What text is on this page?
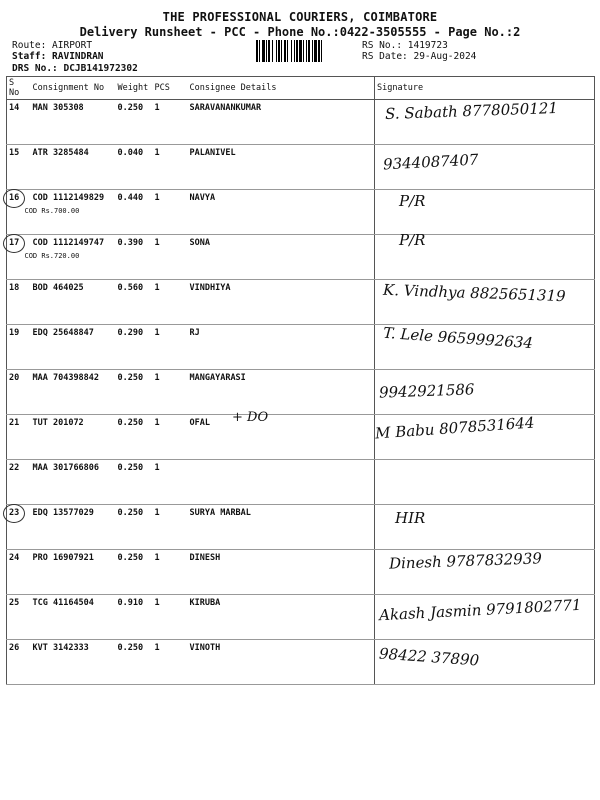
THE PROFESSIONAL COURIERS, COIMBATORE
Delivery Runsheet - PCC - Phone No.:0422-3505555 - Page No.:2
Route: AIRPORT
Staff: RAVINDRAN
DRS No.: DCJB141972302
RS No.: 1419723
RS Date: 29-Aug-2024
S No	Consignment No	Weight	PCS	Consignee Details	Signature
14	MAN 305308	0.250	1	SARAVANANKUMAR	S. Sabath 8778050121

15	ATR 3285484	0.040	1	PALANIVEL	9344087407

16	COD 1112149829
COD Rs.700.00	0.440	1	NAVYA	P/R

17	COD 1112149747
COD Rs.720.00	0.390	1	SONA	P/R

18	BOD 464025	0.560	1	VINDHIYA	K. Vindhya 8825651319

19	EDQ 25648847	0.290	1	RJ	T. Lele 9659992634

20	MAA 704398842	0.250	1	MANGAYARASI	9942921586

21	TUT 201072	0.250	1	OFAL	M Babu 8078531644

22	MAA 301766806	0.250	1		
23	EDQ 13577029	0.250	1	SURYA MARBAL	HIR

24	PRO 16907921	0.250	1	DINESH	Dinesh 9787832939

25	TCG 41164504	0.910	1	KIRUBA	Akash Jasmin 9791802771

26	KVT 3142333	0.250	1	VINOTH	98422 37890
+ DO
